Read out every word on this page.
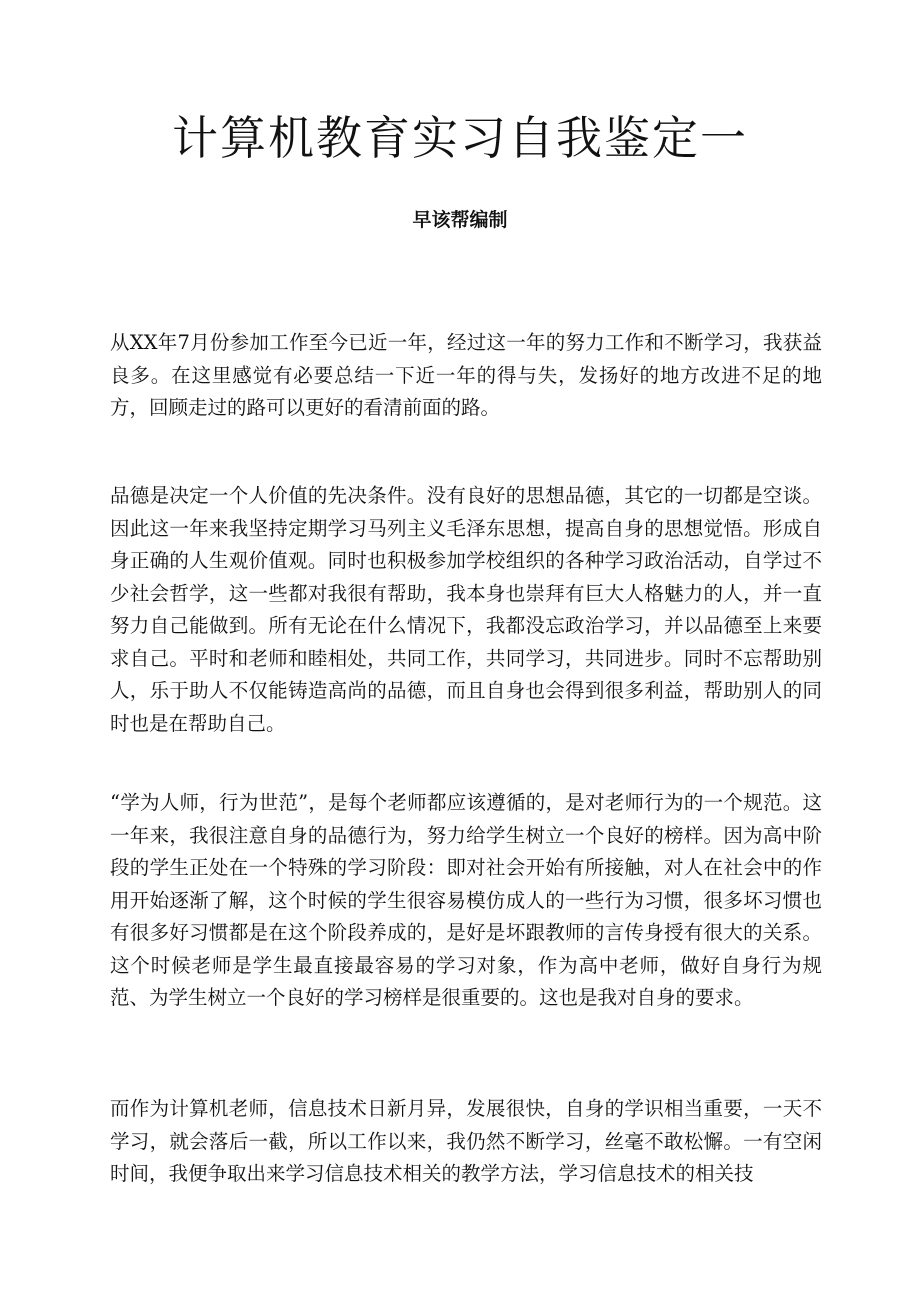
计算机教育实习自我鉴定一
早该帮编制

从XX年7月份参加工作至今已近一年，经过这一年的努力工作和不断学习，我获益良多。在这里感觉有必要总结一下近一年的得与失，发扬好的地方改进不足的地方，回顾走过的路可以更好的看清前面的路。

品德是决定一个人价值的先决条件。没有良好的思想品德，其它的一切都是空谈。因此这一年来我坚持定期学习马列主义毛泽东思想，提高自身的思想觉悟。形成自身正确的人生观价值观。同时也积极参加学校组织的各种学习政治活动，自学过不少社会哲学，这一些都对我很有帮助，我本身也崇拜有巨大人格魅力的人，并一直努力自己能做到。所有无论在什么情况下，我都没忘政治学习，并以品德至上来要求自己。平时和老师和睦相处，共同工作，共同学习，共同进步。同时不忘帮助别人，乐于助人不仅能铸造高尚的品德，而且自身也会得到很多利益，帮助别人的同时也是在帮助自己。

“学为人师，行为世范”，是每个老师都应该遵循的，是对老师行为的一个规范。这一年来，我很注意自身的品德行为，努力给学生树立一个良好的榜样。因为高中阶段的学生正处在一个特殊的学习阶段：即对社会开始有所接触，对人在社会中的作用开始逐渐了解，这个时候的学生很容易模仿成人的一些行为习惯，很多坏习惯也有很多好习惯都是在这个阶段养成的，是好是坏跟教师的言传身授有很大的关系。这个时候老师是学生最直接最容易的学习对象，作为高中老师，做好自身行为规范、为学生树立一个良好的学习榜样是很重要的。这也是我对自身的要求。

而作为计算机老师，信息技术日新月异，发展很快，自身的学识相当重要，一天不学习，就会落后一截，所以工作以来，我仍然不断学习，丝毫不敢松懈。一有空闲时间，我便争取出来学习信息技术相关的教学方法，学习信息技术的相关技
